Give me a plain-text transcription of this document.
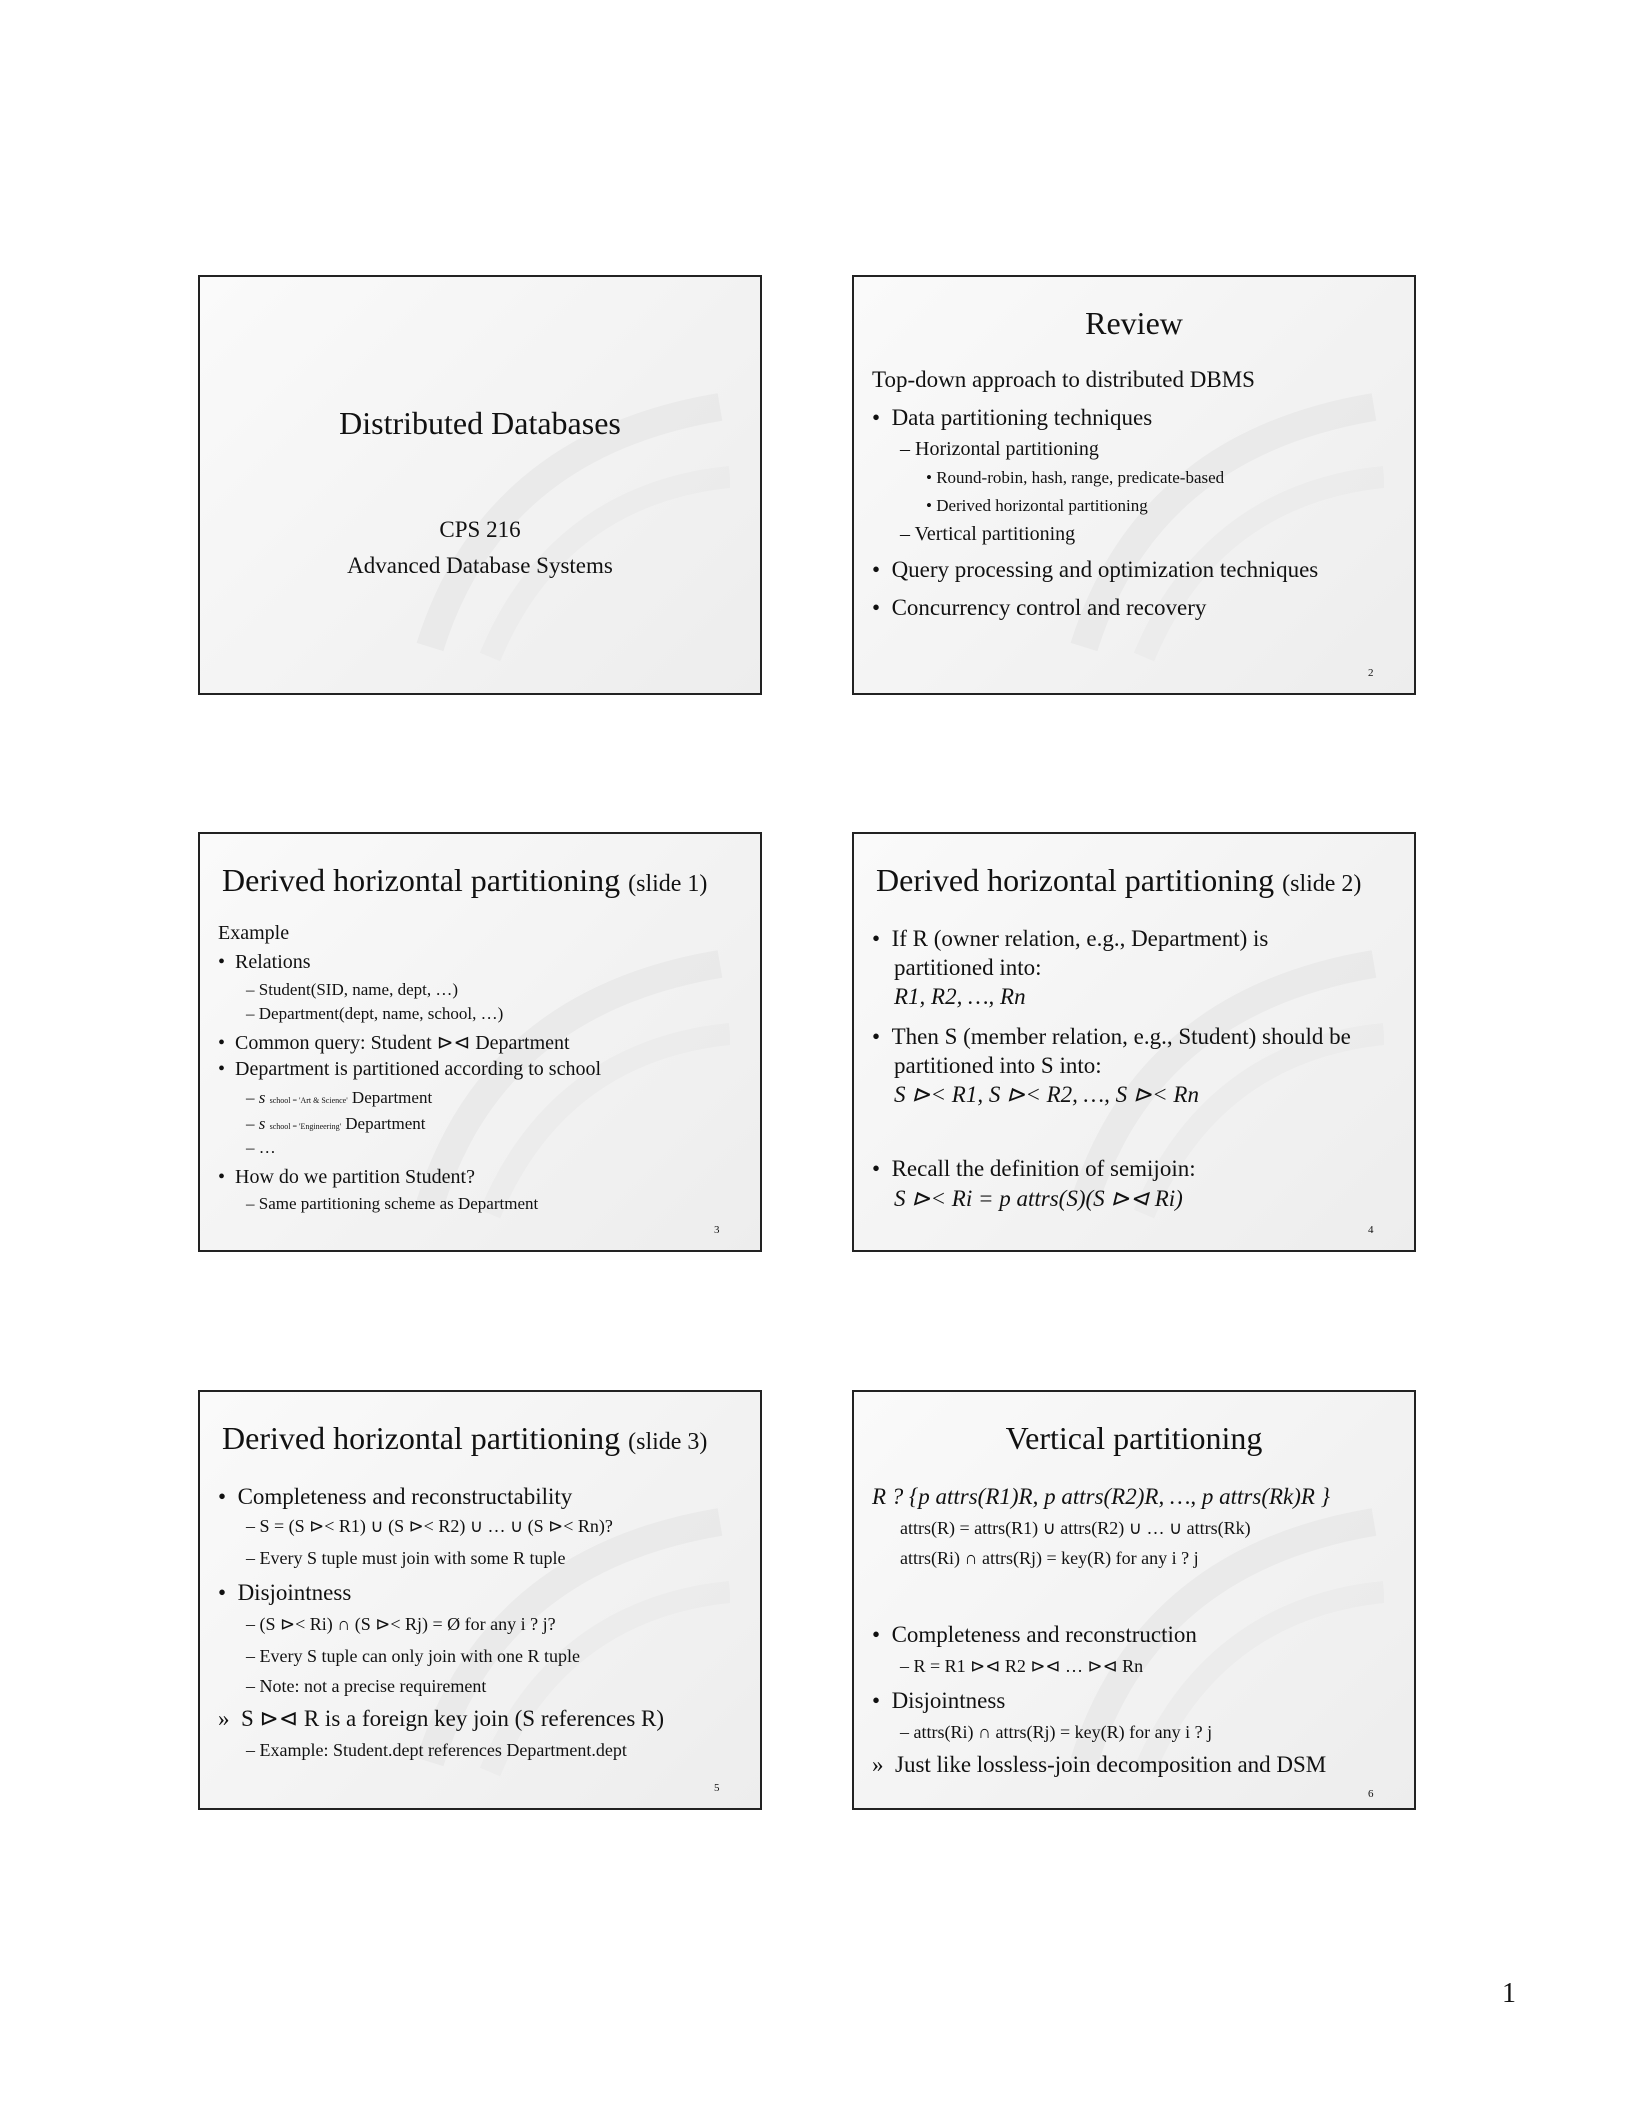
Distributed Databases
CPS 216
Advanced Database Systems
Review
Top-down approach to distributed DBMS
•  Data partitioning techniques
– Horizontal partitioning
• Round-robin, hash, range, predicate-based
• Derived horizontal partitioning
– Vertical partitioning
•  Query processing and optimization techniques
•  Concurrency control and recovery
2
Derived horizontal partitioning (slide 1)
Example
•  Relations
– Student(SID, name, dept, …)
– Department(dept, name, school, …)
•  Common query: Student ⊳⊲ Department
•  Department is partitioned according to school
– s school = 'Art & Science' Department
– s school = 'Engineering' Department
– …
•  How do we partition Student?
– Same partitioning scheme as Department
3
Derived horizontal partitioning (slide 2)
•  If R (owner relation, e.g., Department) is
partitioned into:
R1, R2, …, Rn
•  Then S (member relation, e.g., Student) should be
partitioned into S into:
S ⊳< R1, S ⊳< R2, …, S ⊳< Rn
•  Recall the definition of semijoin:
S ⊳< Ri = p attrs(S)(S ⊳⊲ Ri)
4
Derived horizontal partitioning (slide 3)
•  Completeness and reconstructability
– S = (S ⊳< R1) ∪ (S ⊳< R2) ∪ … ∪ (S ⊳< Rn)?
– Every S tuple must join with some R tuple
•  Disjointness
– (S ⊳< Ri) ∩ (S ⊳< Rj) = Ø for any i ? j?
– Every S tuple can only join with one R tuple
– Note: not a precise requirement
»  S ⊳⊲ R is a foreign key join (S references R)
– Example: Student.dept references Department.dept
5
Vertical partitioning
R ? {p attrs(R1)R, p attrs(R2)R, …, p attrs(Rk)R }
attrs(R) = attrs(R1) ∪ attrs(R2) ∪ … ∪ attrs(Rk)
attrs(Ri) ∩ attrs(Rj) = key(R) for any i ? j
•  Completeness and reconstruction
– R = R1 ⊳⊲ R2 ⊳⊲ … ⊳⊲ Rn
•  Disjointness
– attrs(Ri) ∩ attrs(Rj) = key(R) for any i ? j
»  Just like lossless-join decomposition and DSM
6
1
